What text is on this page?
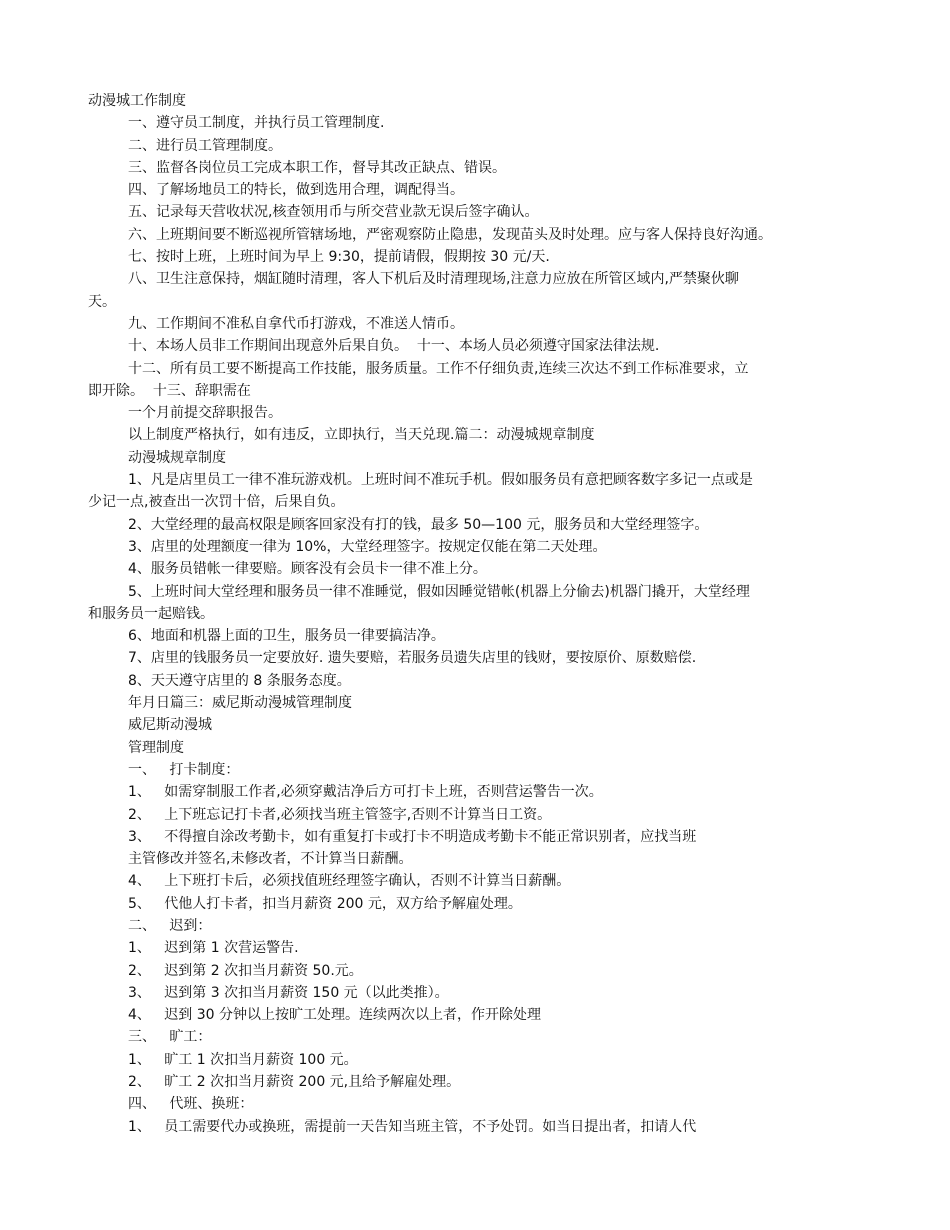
动漫城工作制度
一、遵守员工制度，并执行员工管理制度.
二、进行员工管理制度。
三、监督各岗位员工完成本职工作，督导其改正缺点、错误。
四、了解场地员工的特长，做到选用合理，调配得当。
五、记录每天营收状况,核查领用币与所交营业款无误后签字确认。
六、上班期间要不断巡视所管辖场地，严密观察防止隐患，发现苗头及时处理。应与客人保持良好沟通。
七、按时上班，上班时间为早上 9:30，提前请假，假期按 30 元/天.
八、卫生注意保持，烟缸随时清理，客人下机后及时清理现场,注意力应放在所管区域内,严禁聚伙聊
天。
九、工作期间不准私自拿代币打游戏，不准送人情币。
十、本场人员非工作期间出现意外后果自负。  十一、本场人员必须遵守国家法律法规.
十二、所有员工要不断提高工作技能，服务质量。工作不仔细负责,连续三次达不到工作标准要求，立
即开除。  十三、辞职需在
一个月前提交辞职报告。
以上制度严格执行，如有违反，立即执行，当天兑现.篇二：动漫城规章制度
动漫城规章制度
1、凡是店里员工一律不准玩游戏机。上班时间不准玩手机。假如服务员有意把顾客数字多记一点或是
少记一点,被查出一次罚十倍，后果自负。
2、大堂经理的最高权限是顾客回家没有打的钱，最多 50—100 元，服务员和大堂经理签字。
3、店里的处理额度一律为 10%，大堂经理签字。按规定仅能在第二天处理。
4、服务员错帐一律要赔。顾客没有会员卡一律不准上分。
5、上班时间大堂经理和服务员一律不准睡觉，假如因睡觉错帐(机器上分偷去)机器门撬开，大堂经理
和服务员一起赔钱。
6、地面和机器上面的卫生，服务员一律要搞洁净。
7、店里的钱服务员一定要放好. 遗失要赔，若服务员遗失店里的钱财，要按原价、原数赔偿.
8、天天遵守店里的 8 条服务态度。
年月日篇三：威尼斯动漫城管理制度
威尼斯动漫城
管理制度
一、   打卡制度：
1、   如需穿制服工作者,必须穿戴洁净后方可打卡上班，否则营运警告一次。
2、   上下班忘记打卡者,必须找当班主管签字,否则不计算当日工资。
3、   不得擅自涂改考勤卡，如有重复打卡或打卡不明造成考勤卡不能正常识别者，应找当班
主管修改并签名,未修改者，不计算当日薪酬。
4、   上下班打卡后，必须找值班经理签字确认，否则不计算当日薪酬。
5、   代他人打卡者，扣当月薪资 200 元，双方给予解雇处理。
二、   迟到：
1、   迟到第 1 次营运警告.
2、   迟到第 2 次扣当月薪资 50.元。
3、   迟到第 3 次扣当月薪资 150 元（以此类推）。
4、   迟到 30 分钟以上按旷工处理。连续两次以上者，作开除处理
三、   旷工：
1、   旷工 1 次扣当月薪资 100 元。
2、   旷工 2 次扣当月薪资 200 元,且给予解雇处理。
四、   代班、换班：
1、   员工需要代办或换班，需提前一天告知当班主管，不予处罚。如当日提出者，扣请人代
